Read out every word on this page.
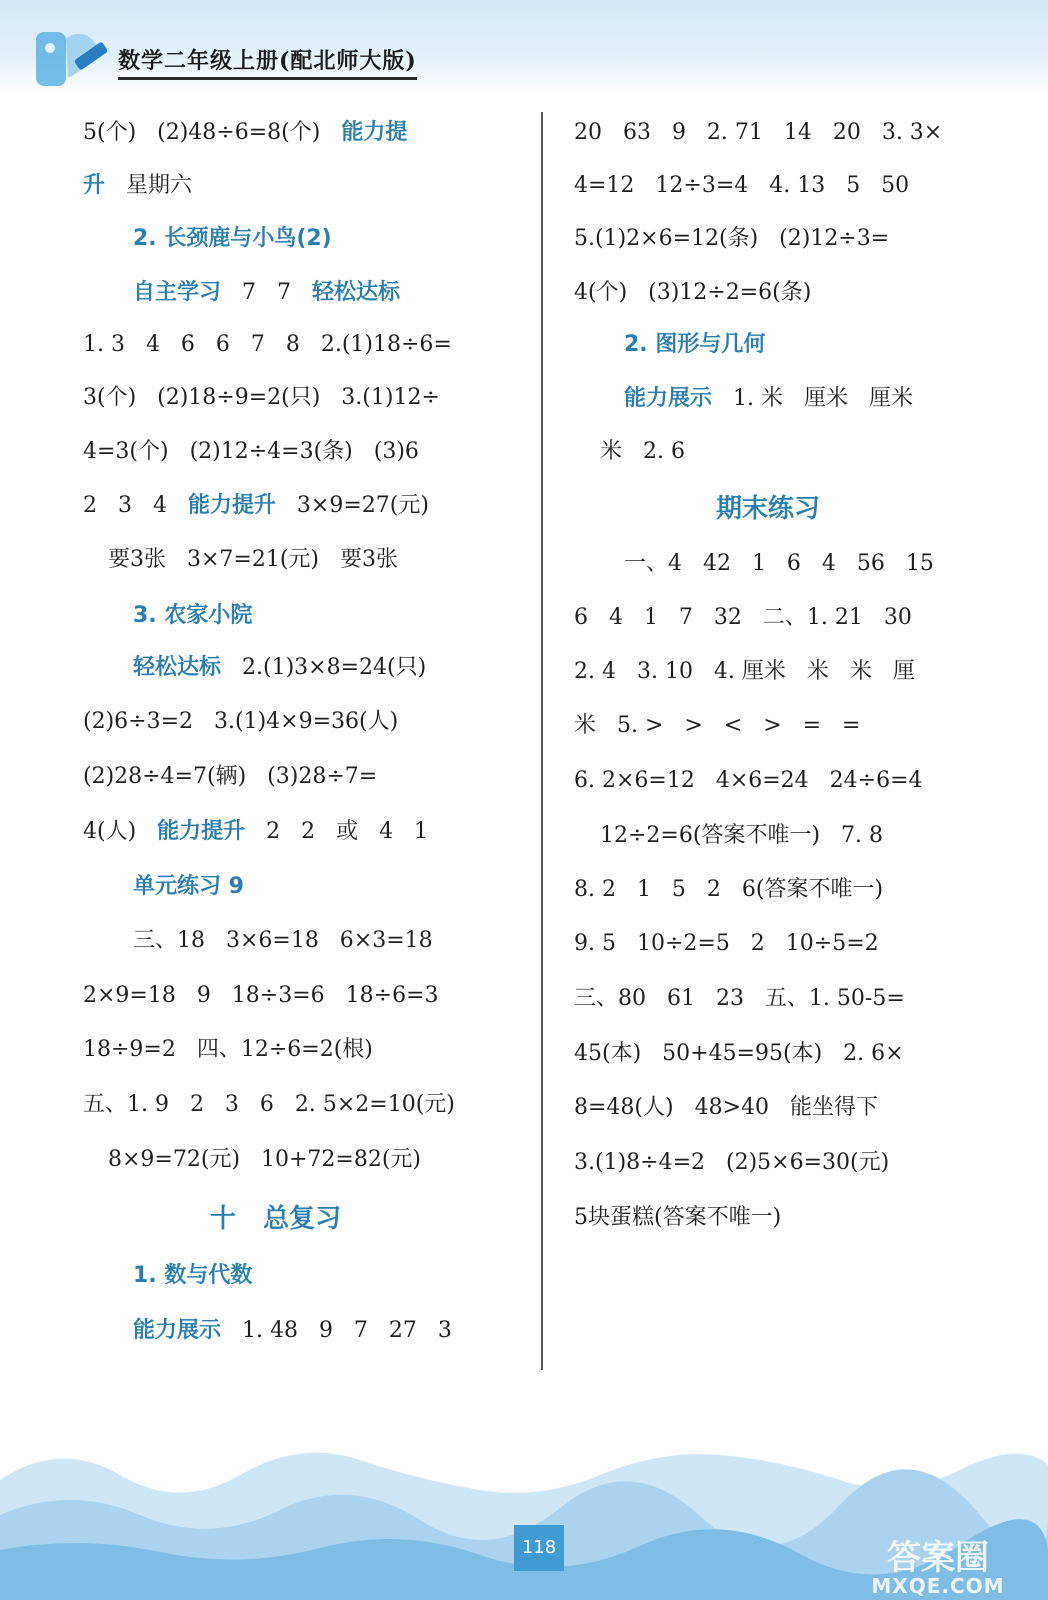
数学二年级上册(配北师大版)
5(个)   (2)48÷6=8(个)   能力提
升   星期六
2. 长颈鹿与小鸟(2)
自主学习   7   7   轻松达标
1. 3   4   6   6   7   8   2.(1)18÷6=
3(个)   (2)18÷9=2(只)   3.(1)12÷
4=3(个)   (2)12÷4=3(条)   (3)6
2   3   4   能力提升   3×9=27(元)
要3张   3×7=21(元)   要3张
3. 农家小院
轻松达标   2.(1)3×8=24(只)
(2)6÷3=2   3.(1)4×9=36(人)
(2)28÷4=7(辆)   (3)28÷7=
4(人)   能力提升   2   2   或   4   1
单元练习 9
三、18   3×6=18   6×3=18
2×9=18   9   18÷3=6   18÷6=3
18÷9=2   四、12÷6=2(根)
五、1. 9   2   3   6   2. 5×2=10(元)
8×9=72(元)   10+72=82(元)
十   总复习
1. 数与代数
能力展示   1. 48   9   7   27   3
20   63   9   2. 71   14   20   3. 3×
4=12   12÷3=4   4. 13   5   50
5.(1)2×6=12(条)   (2)12÷3=
4(个)   (3)12÷2=6(条)
2. 图形与几何
能力展示   1. 米   厘米   厘米
米   2. 6
期末练习
一、4   42   1   6   4   56   15
6   4   1   7   32   二、1. 21   30
2. 4   3. 10   4. 厘米   米   米   厘
米   5. >   >   <   >   =   =
6. 2×6=12   4×6=24   24÷6=4
12÷2=6(答案不唯一)   7. 8
8. 2   1   5   2   6(答案不唯一)
9. 5   10÷2=5   2   10÷5=2
三、80   61   23   五、1. 50-5=
45(本)   50+45=95(本)   2. 6×
8=48(人)   48>40   能坐得下
3.(1)8÷4=2   (2)5×6=30(元)
5块蛋糕(答案不唯一)
118	答案圈
MXQE.COM
